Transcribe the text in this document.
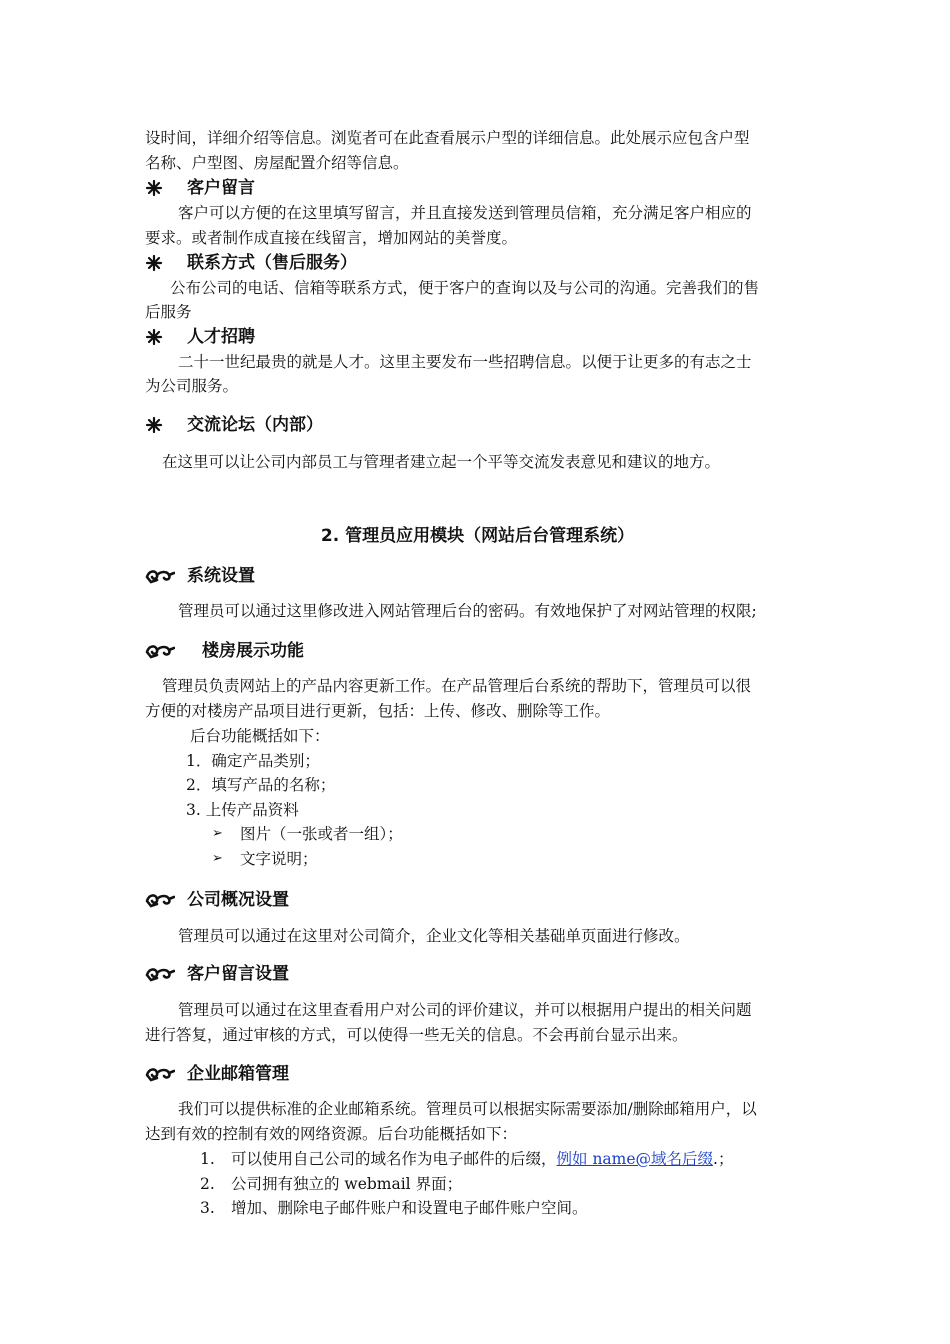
设时间，详细介绍等信息。浏览者可在此查看展示户型的详细信息。此处展示应包含户型
名称、户型图、房屋配置介绍等信息。
客户留言
客户可以方便的在这里填写留言，并且直接发送到管理员信箱，充分满足客户相应的
要求。或者制作成直接在线留言，增加网站的美誉度。
联系方式（售后服务）
公布公司的电话、信箱等联系方式，便于客户的查询以及与公司的沟通。完善我们的售
后服务
人才招聘
二十一世纪最贵的就是人才。这里主要发布一些招聘信息。以便于让更多的有志之士
为公司服务。
交流论坛（内部）
在这里可以让公司内部员工与管理者建立起一个平等交流发表意见和建议的地方。
2. 管理员应用模块（网站后台管理系统）
系统设置
管理员可以通过这里修改进入网站管理后台的密码。有效地保护了对网站管理的权限;
楼房展示功能
管理员负责网站上的产品内容更新工作。在产品管理后台系统的帮助下，管理员可以很
方便的对楼房产品项目进行更新，包括：上传、修改、删除等工作。
后台功能概括如下：
1．确定产品类别；
2．填写产品的名称；
3. 上传产品资料
➢ 图片（一张或者一组）；
➢ 文字说明；
公司概况设置
管理员可以通过在这里对公司简介，企业文化等相关基础单页面进行修改。
客户留言设置
管理员可以通过在这里查看用户对公司的评价建议，并可以根据用户提出的相关问题
进行答复，通过审核的方式，可以使得一些无关的信息。不会再前台显示出来。
企业邮箱管理
我们可以提供标准的企业邮箱系统。管理员可以根据实际需要添加/删除邮箱用户，以
达到有效的控制有效的网络资源。后台功能概括如下：
1. 可以使用自己公司的域名作为电子邮件的后缀，例如 name@域名后缀.；
2. 公司拥有独立的 webmail 界面；
3. 增加、删除电子邮件账户和设置电子邮件账户空间。
